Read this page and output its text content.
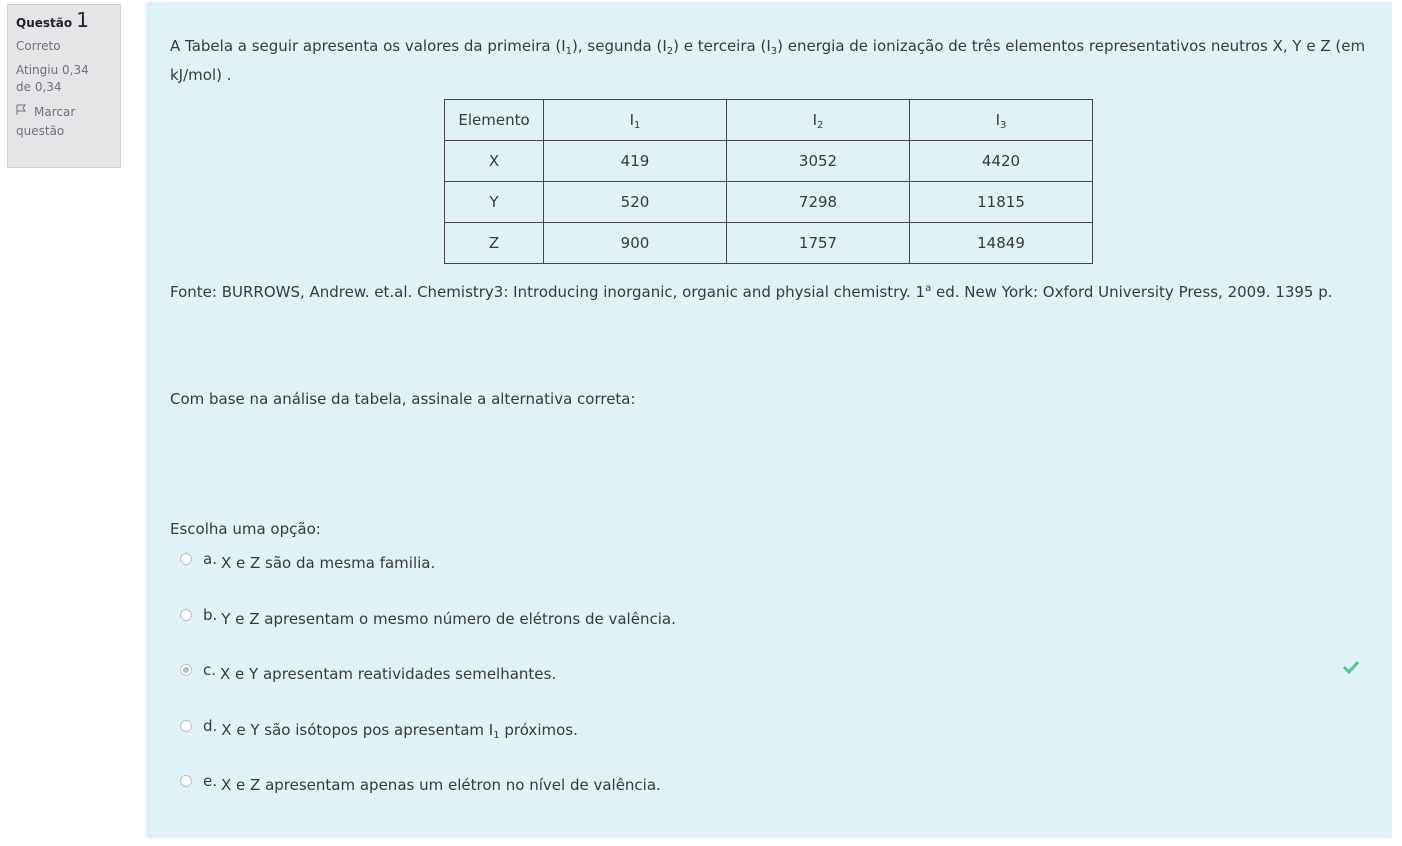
Questão 1
Correto
Atingiu 0,34
de 0,34
Marcar
questão
A Tabela a seguir apresenta os valores da primeira $(I_1)$, segunda $(I_2)$ e terceira $(I_3)$ energia de ionização de três elementos representativos neutros X, Y e Z (em kJ/mol) .
Elemento	$I_1$	$I_2$	$I_3$
X	419	3052	4420
Y	520	7298	11815
Z	900	1757	14849
Fonte: BURROWS, Andrew. et.al. Chemistry3: Introducing inorganic, organic and physial chemistry. 1$^a$ ed. New York: Oxford University Press, 2009. 1395 p.
Com base na análise da tabela, assinale a alternativa correta:
Escolha uma opção:
a. X e Z são da mesma familia.
b. Y e Z apresentam o mesmo número de elétrons de valência.
c. X e Y apresentam reatividades semelhantes.
d. X e Y são isótopos pos apresentam $I_1$ próximos.
e. X e Z apresentam apenas um elétron no nível de valência.
